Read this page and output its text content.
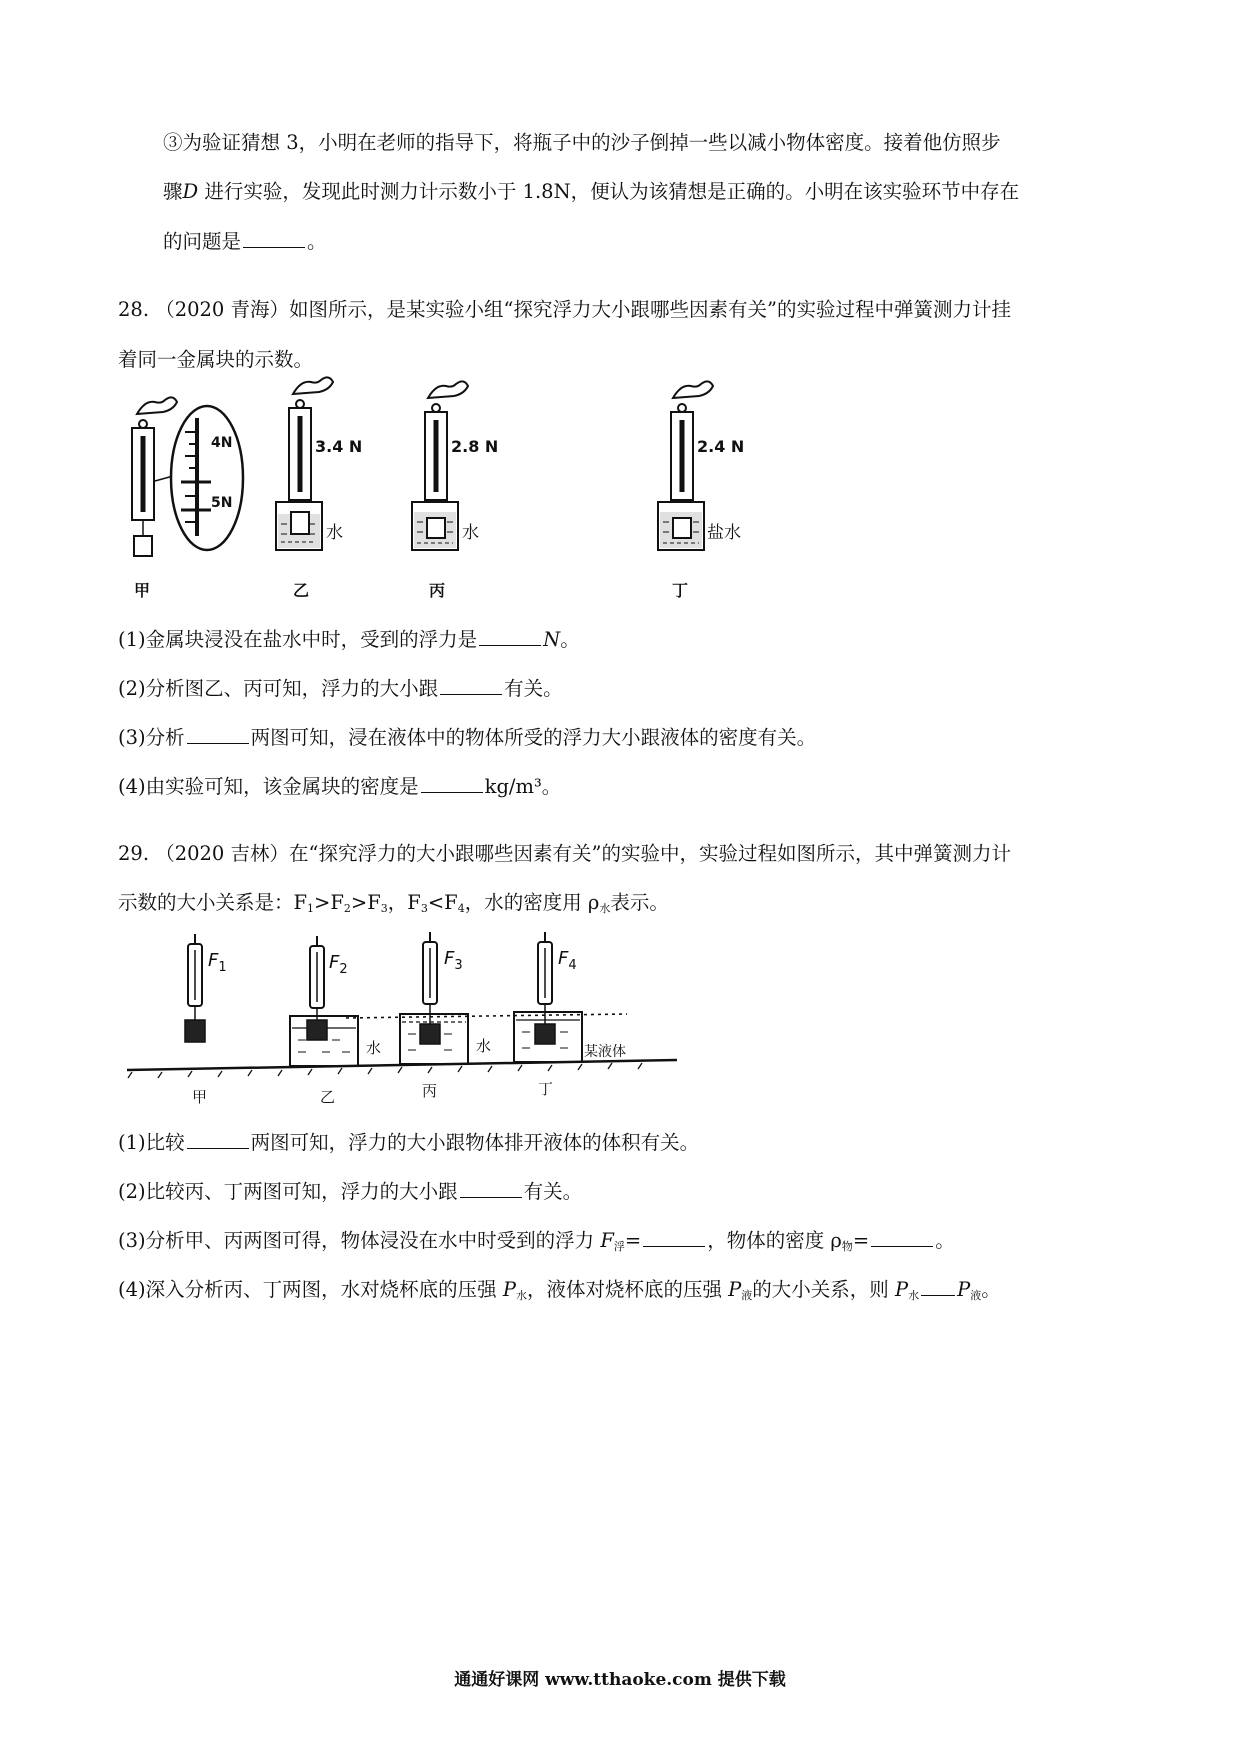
③为验证猜想 3，小明在老师的指导下，将瓶子中的沙子倒掉一些以减小物体密度。接着他仿照步
骤D 进行实验，发现此时测力计示数小于 1.8N，便认为该猜想是正确的。小明在该实验环节中存在
的问题是	。
28. （2020 青海）如图所示，是某实验小组“探究浮力大小跟哪些因素有关”的实验过程中弹簧测力计挂
着同一金属块的示数。
4N
5N
甲
3.4 N
水
乙
2.8 N
水
丙
2.4 N
盐水
丁
(1)金属块浸没在盐水中时，受到的浮力是	N。
(2)分析图乙、丙可知，浮力的大小跟	有关。
(3)分析	两图可知，浸在液体中的物体所受的浮力大小跟液体的密度有关。
(4)由实验可知，该金属块的密度是	kg/m³。
29. （2020 吉林）在“探究浮力的大小跟哪些因素有关”的实验中，实验过程如图所示，其中弹簧测力计
示数的大小关系是：$F_1>F_2>F_3$，$F_3<F_4$，水的密度用 $\rho_水$表示。
$F_1$
甲
$F_2$
水
乙
$F_3$
水
丙
$F_4$
某液体
丁
(1)比较	两图可知，浮力的大小跟物体排开液体的体积有关。
(2)比较丙、丁两图可知，浮力的大小跟	有关。
(3)分析甲、丙两图可得，物体浸没在水中时受到的浮力 $F_浮=$	，物体的密度 $\rho_物=$	。
(4)深入分析丙、丁两图，水对烧杯底的压强 $P_水$，液体对烧杯底的压强 $P_液$的大小关系，则 $P_水$ $P_液$。
通通好课网 www.tthaoke.com 提供下载
